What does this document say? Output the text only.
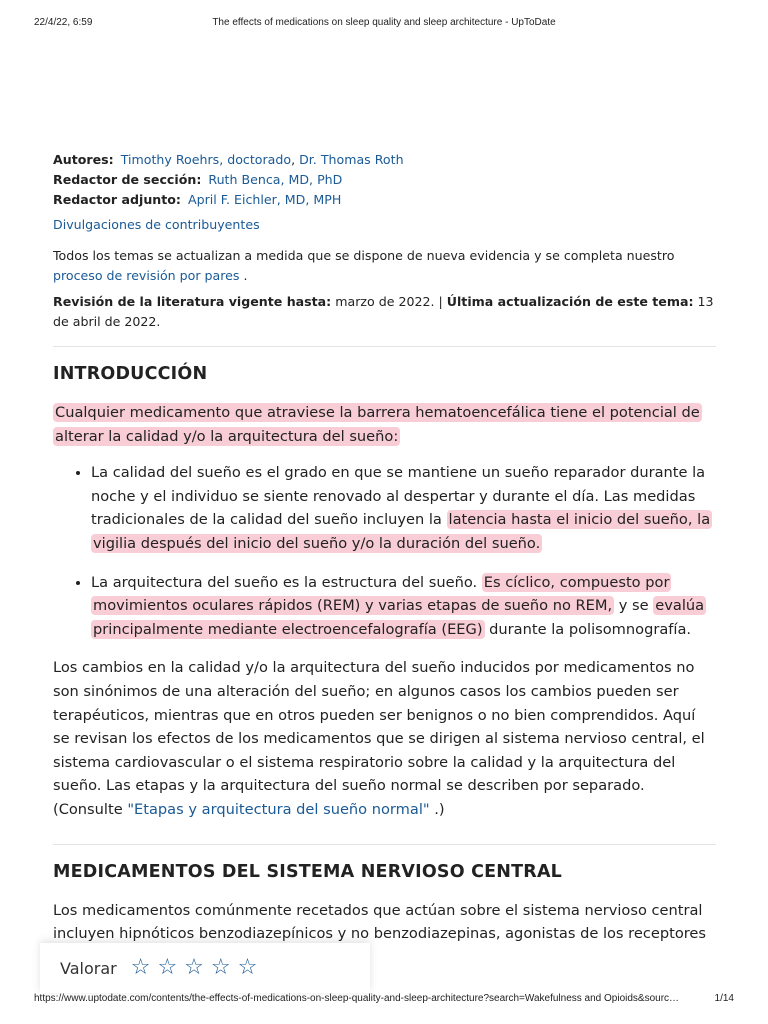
22/4/22, 6:59	The effects of medications on sleep quality and sleep architecture - UpToDate
Autores: Timothy Roehrs, doctorado, Dr. Thomas Roth
Redactor de sección: Ruth Benca, MD, PhD
Redactor adjunto: April F. Eichler, MD, MPH
Divulgaciones de contribuyentes
Todos los temas se actualizan a medida que se dispone de nueva evidencia y se completa nuestro proceso de revisión por pares .
Revisión de la literatura vigente hasta: marzo de 2022. | Última actualización de este tema: 13 de abril de 2022.
INTRODUCCIÓN

Cualquier medicamento que atraviese la barrera hematoencefálica tiene el potencial de alterar la calidad y/o la arquitectura del sueño:

• La calidad del sueño es el grado en que se mantiene un sueño reparador durante la noche y el individuo se siente renovado al despertar y durante el día. Las medidas tradicionales de la calidad del sueño incluyen la latencia hasta el inicio del sueño, la vigilia después del inicio del sueño y/o la duración del sueño.
• La arquitectura del sueño es la estructura del sueño. Es cíclico, compuesto por movimientos oculares rápidos (REM) y varias etapas de sueño no REM, y se evalúa principalmente mediante electroencefalografía (EEG) durante la polisomnografía.

Los cambios en la calidad y/o la arquitectura del sueño inducidos por medicamentos no son sinónimos de una alteración del sueño; en algunos casos los cambios pueden ser terapéuticos, mientras que en otros pueden ser benignos o no bien comprendidos. Aquí se revisan los efectos de los medicamentos que se dirigen al sistema nervioso central, el sistema cardiovascular o el sistema respiratorio sobre la calidad y la arquitectura del sueño. Las etapas y la arquitectura del sueño normal se describen por separado. (Consulte "Etapas y arquitectura del sueño normal" .)

MEDICAMENTOS DEL SISTEMA NERVIOSO CENTRAL

Los medicamentos comúnmente recetados que actúan sobre el sistema nervioso central incluyen hipnóticos benzodiazepínicos y no benzodiazepinas, agonistas de los receptores

Valorar ☆ ☆ ☆ ☆ ☆
https://www.uptodate.com/contents/the-effects-of-medications-on-sleep-quality-and-sleep-architecture?search=Wakefulness and Opioids&sourc…	1/14
